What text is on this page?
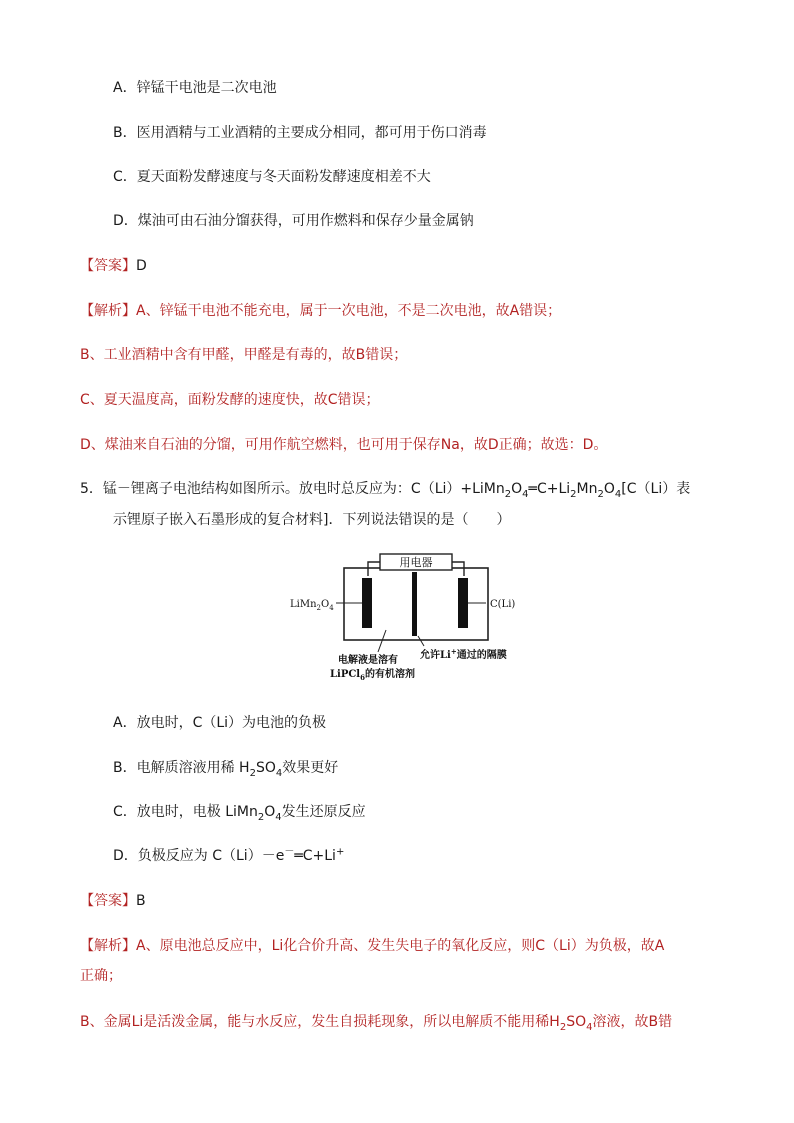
A．锌锰干电池是二次电池
B．医用酒精与工业酒精的主要成分相同，都可用于伤口消毒
C．夏天面粉发酵速度与冬天面粉发酵速度相差不大
D．煤油可由石油分馏获得，可用作燃料和保存少量金属钠
【答案】D
【解析】A、锌锰干电池不能充电，属于一次电池，不是二次电池，故A错误；
B、工业酒精中含有甲醛，甲醛是有毒的，故B错误；
C、夏天温度高，面粉发酵的速度快，故C错误；
D、煤油来自石油的分馏，可用作航空燃料，也可用于保存Na，故D正确；故选：D。
5．锰－锂离子电池结构如图所示。放电时总反应为：$C(Li)+LiMn_2O_4═C+Li_2Mn_2O_4[C(Li)$表
示锂原子嵌入石墨形成的复合材料]．下列说法错误的是（　　）
用电器
$LiMn_2O_4$	C(Li)
允许Li+通过的隔膜
电解液是溶有
LiPCl$_6$的有机溶剂
A．放电时，C（Li）为电池的负极
B．电解质溶液用稀 $H_2SO_4$效果更好
C．放电时，电极 $LiMn_2O_4$发生还原反应
D．负极反应为 C（Li）－e－═C+Li+
【答案】B
【解析】A、原电池总反应中，Li化合价升高、发生失电子的氧化反应，则C（Li）为负极，故A
正确；
B、金属Li是活泼金属，能与水反应，发生自损耗现象，所以电解质不能用稀$H_2SO_4$溶液，故B错
